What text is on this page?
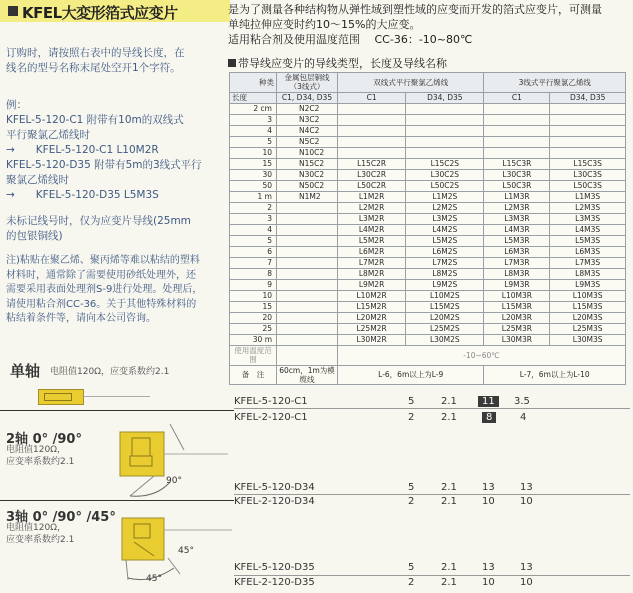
KFEL大変形箔式应变片	是为了测量各种结构物从弹性域到塑性域的应变而开发的箔式应变片，可测量
单纯拉伸应变时约10～15%的大应变。
适用粘合剂及使用温度范围　 CC-36：-10~80℃
带导线应变片的导线类型，长度及导线名称
订购时，请按照右表中的导线长度，在
线名的型号名称末尾处空开1个字符。
例：
KFEL-5-120-C1 附带有10m的双线式
平行聚氯乙烯线时
→　　KFEL-5-120-C1 L10M2R
KFEL-5-120-D35 附带有5m的3线式平行
聚氯乙烯线时
→　　KFEL-5-120-D35 L5M3S
未标记线号时，仅为应变片导线(25mm
的包银铜线)
注)粘贴在聚乙烯、聚丙烯等难以粘结的塑料
材料时，通常除了需要使用砂纸处理外，还
需要采用表面处理剂S-9进行处理。处理后，
请使用粘合剂CC-36。关于其他特殊材料的
粘结着条件等，请向本公司咨询。
种类	金属包层铜线（3线式）	双线式平行聚氯乙烯线		3线式平行聚氯乙烯线	
长度	C1, D34, D35	C1	D34, D35	C1	D34, D35
2 cm	N2C2				
3	N3C2				
4	N4C2				
5	N5C2				
10	N10C2				
15	N15C2	L15C2R	L15C2S	L15C3R	L15C3S
30	N30C2	L30C2R	L30C2S	L30C3R	L30C3S
50	N50C2	L50C2R	L50C2S	L50C3R	L50C3S
1 m	N1M2	L1M2R	L1M2S	L1M3R	L1M3S
2		L2M2R	L2M2S	L2M3R	L2M3S
3		L3M2R	L3M2S	L3M3R	L3M3S
4		L4M2R	L4M2S	L4M3R	L4M3S
5		L5M2R	L5M2S	L5M3R	L5M3S
6		L6M2R	L6M2S	L6M3R	L6M3S
7		L7M2R	L7M2S	L7M3R	L7M3S
8		L8M2R	L8M2S	L8M3R	L8M3S
9		L9M2R	L9M2S	L9M3R	L9M3S
10		L10M2R	L10M2S	L10M3R	L10M3S
15		L15M2R	L15M2S	L15M3R	L15M3S
20		L20M2R	L20M2S	L20M3R	L20M3S
25		L25M2R	L25M2S	L25M3R	L25M3S
30 m		L30M2R	L30M2S	L30M3R	L30M3S
使用温度范围		-10~60℃			
备　注	60cm，1m为模缆线	L-6，6m以上为L-9		L-7，6m以上为L-10	
单轴 电阻值120Ω，应变系数约2.1
KFEL-5-120-C1	5	2.1	11	3.5
KFEL-2-120-C1	2	2.1	8	4
2轴 0° /90°
电阻值120Ω，
应变率系数约2.1
90°
KFEL-5-120-D34	5	2.1	13	13
KFEL-2-120-D34	2	2.1	10	10
3轴 0° /90° /45°
电阻值120Ω，
应变率系数约2.1
45°
45°
KFEL-5-120-D35	5	2.1	13	13
KFEL-2-120-D35	2	2.1	10	10
